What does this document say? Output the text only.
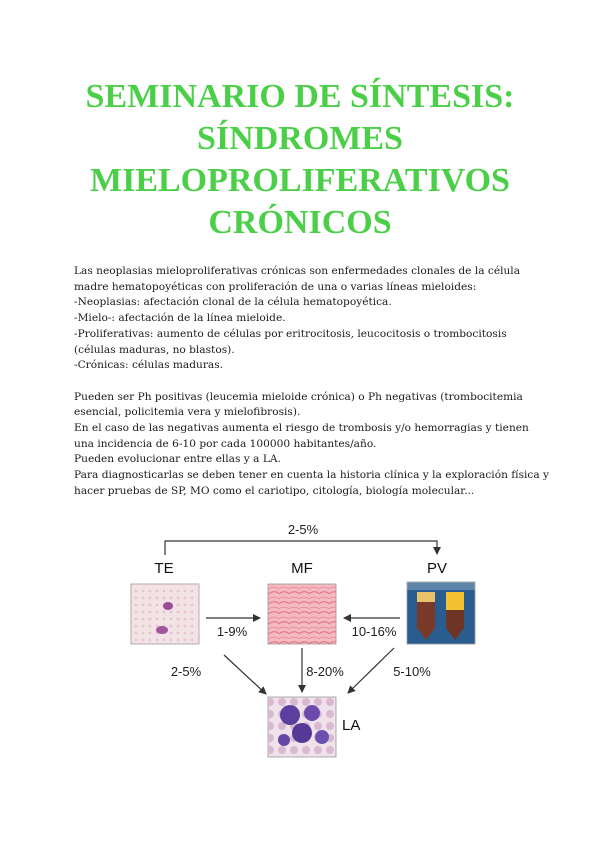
SEMINARIO DE SÍNTESIS:
SÍNDROMES
MIELOPROLIFERATIVOS
CRÓNICOS

Las neoplasias mieloproliferativas crónicas son enfermedades clonales de la célula

madre hematopoyéticas con proliferación de una o varias líneas mieloides:

-Neoplasias: afectación clonal de la célula hematopoyética.

-Mielo-: afectación de la línea mieloide.

-Proliferativas: aumento de células por eritrocitosis, leucocitosis o trombocitosis

(células maduras, no blastos).

-Crónicas: células maduras.

Pueden ser Ph positivas (leucemia mieloide crónica) o Ph negativas (trombocitemia

esencial, policitemia vera y mielofibrosis).

En el caso de las negativas aumenta el riesgo de trombosis y/o hemorragias y tienen

una incidencia de 6-10 por cada 100000 habitantes/año.

Pueden evolucionar entre ellas y a LA.

Para diagnosticarlas se deben tener en cuenta la historia clínica y la exploración física y

hacer pruebas de SP, MO como el cariotipo, citología, biología molecular...

2-5%
TE	MF	PV
1-9%	10-16%
2-5%	8-20%	5-10%
LA
